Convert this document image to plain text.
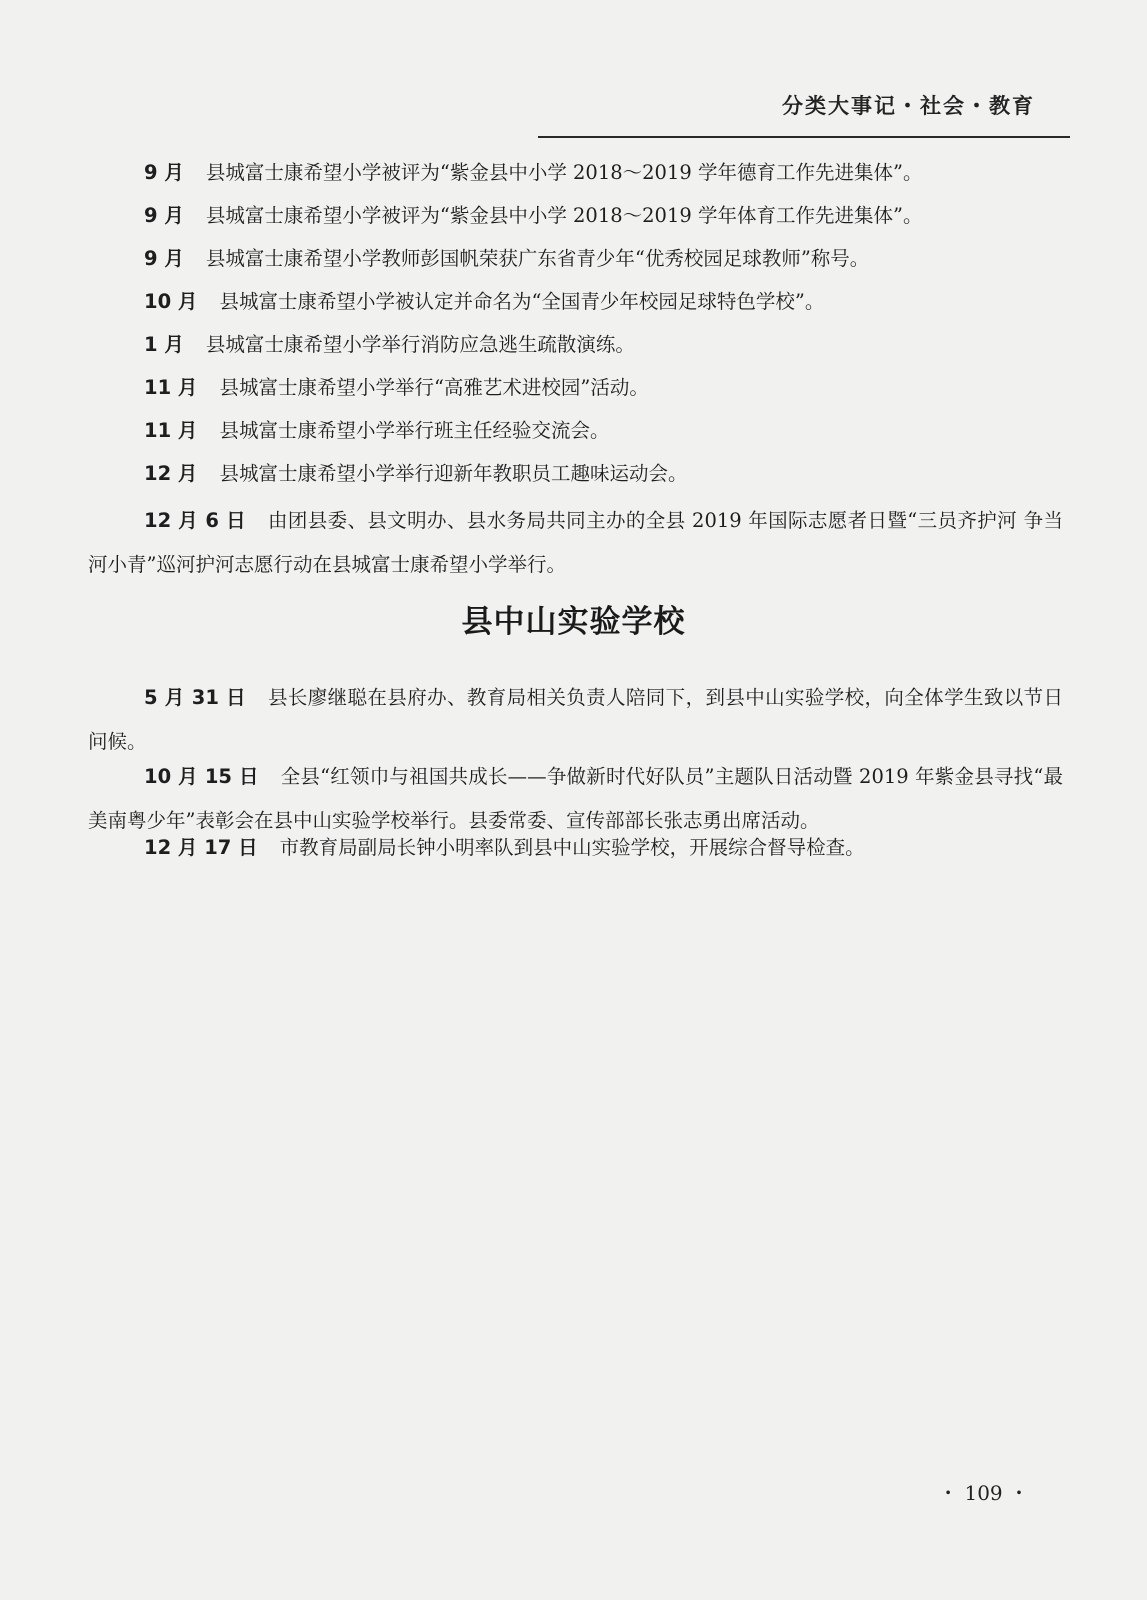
分类大事记・社会・教育

9 月 县城富士康希望小学被评为“紫金县中小学 2018～2019 学年德育工作先进集体”。

9 月 县城富士康希望小学被评为“紫金县中小学 2018～2019 学年体育工作先进集体”。

9 月 县城富士康希望小学教师彭国帆荣获广东省青少年“优秀校园足球教师”称号。

10 月 县城富士康希望小学被认定并命名为“全国青少年校园足球特色学校”。

1 月 县城富士康希望小学举行消防应急逃生疏散演练。

11 月 县城富士康希望小学举行“高雅艺术进校园”活动。

11 月 县城富士康希望小学举行班主任经验交流会。

12 月 县城富士康希望小学举行迎新年教职员工趣味运动会。

12 月 6 日 由团县委、县文明办、县水务局共同主办的全县 2019 年国际志愿者日暨“三员齐护河 争当河小青”巡河护河志愿行动在县城富士康希望小学举行。

县中山实验学校

5 月 31 日 县长廖继聪在县府办、教育局相关负责人陪同下，到县中山实验学校，向全体学生致以节日问候。

10 月 15 日 全县“红领巾与祖国共成长——争做新时代好队员”主题队日活动暨 2019 年紫金县寻找“最美南粤少年”表彰会在县中山实验学校举行。县委常委、宣传部部长张志勇出席活动。

12 月 17 日 市教育局副局长钟小明率队到县中山实验学校，开展综合督导检查。

・ 109 ・
